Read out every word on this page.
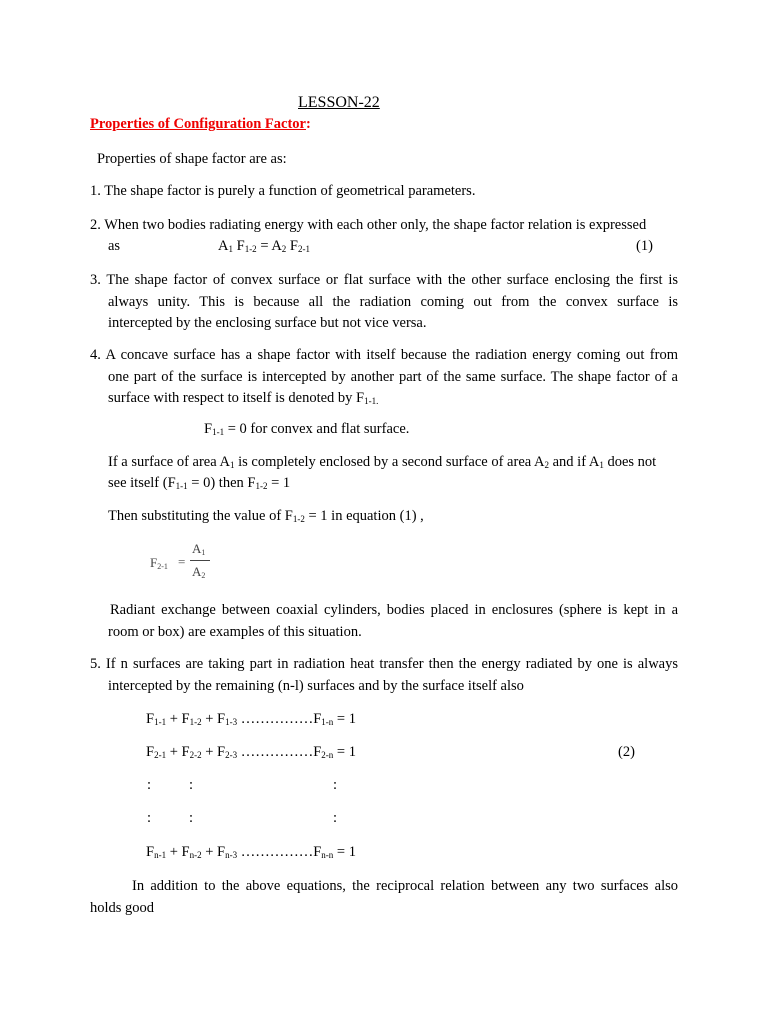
LESSON-22
Properties of Configuration Factor:
Properties of shape factor are as:
1. The shape factor is purely a function of geometrical parameters.
2. When two bodies radiating energy with each other only, the shape factor relation is expressed
as	$A_1$ $F_{1-2} = A_2$ $F_{2-1}$	(1)
3. The shape factor of convex surface or flat surface with the other surface enclosing the first is
always unity. This is because all the radiation coming out from the convex surface is
intercepted by the enclosing surface but not vice versa.
4. A concave surface has a shape factor with itself because the radiation energy coming out from
one part of the surface is intercepted by another part of the same surface. The shape factor of a
surface with respect to itself is denoted by $F_{1-1.}$
$F_{1-1} = 0$ for convex and flat surface.
If a surface of area $A_1$ is completely enclosed by a second surface of area $A_2$ and if $A_1$ does not
see itself $(F_{1-1} = 0)$ then $F_{1-2} = 1$
Then substituting the value of $F_{1-2} = 1$ in equation (1) ,
$F_{2-1}$ =
$A_1$
$A_2$
Radiant exchange between coaxial cylinders, bodies placed in enclosures (sphere is kept in a
room or box) are examples of this situation.
5. If n surfaces are taking part in radiation heat transfer then the energy radiated by one is always
intercepted by the remaining (n-l) surfaces and by the surface itself also
$F_{1-1} + F_{1-2} + F_{1-3}$ $\dots\dots\dots\dots\dots F_{1-n} = 1$
$F_{2-1} + F_{2-2} + F_{2-3}$ $\dots\dots\dots\dots\dots F_{2-n} = 1$	(2)
:	:	:
:	:	:
$F_{n-1} + F_{n-2} + F_{n-3}$ $\dots\dots\dots\dots\dots F_{n-n} = 1$
In addition to the above equations, the reciprocal relation between any two surfaces also
holds good
